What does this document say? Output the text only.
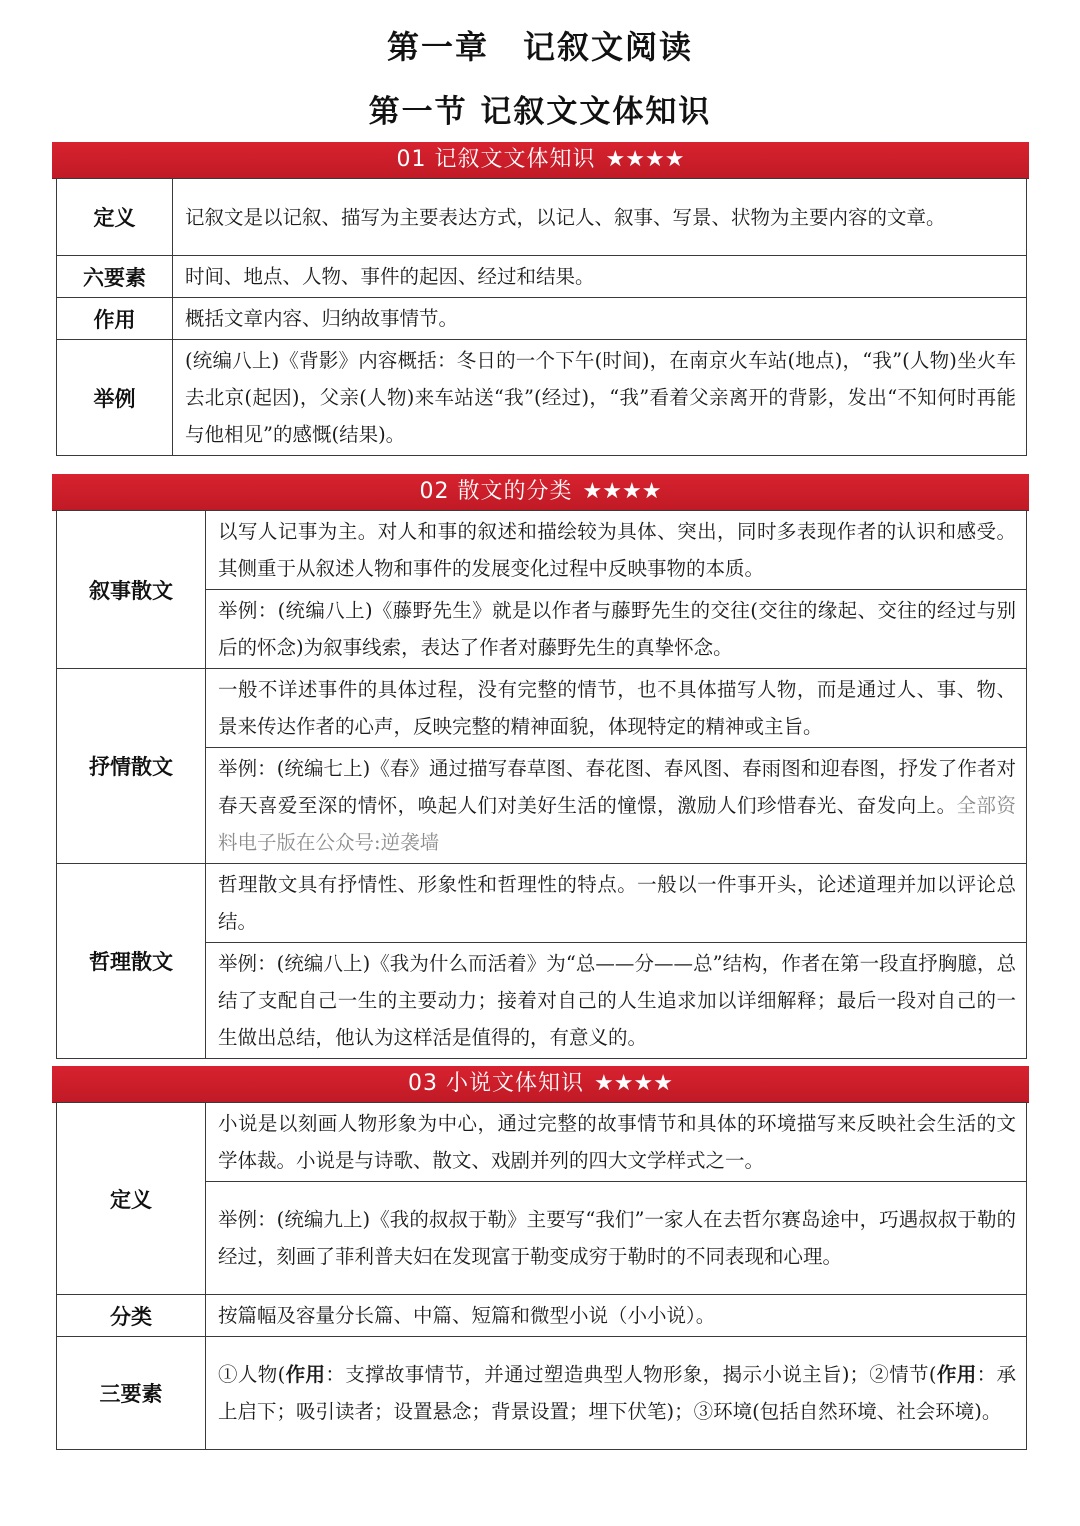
第一章　记叙文阅读
第一节 记叙文文体知识
01 记叙文文体知识 ★★★★
定义	记叙文是以记叙、描写为主要表达方式，以记人、叙事、写景、状物为主要内容的文章。
六要素	时间、地点、人物、事件的起因、经过和结果。
作用	概括文章内容、归纳故事情节。
举例	(统编八上)《背影》内容概括：冬日的一个下午(时间)，在南京火车站(地点)，“我”(人物)坐火车去北京(起因)，父亲(人物)来车站送“我”(经过)，“我”看着父亲离开的背影，发出“不知何时再能与他相见”的感慨(结果)。
02 散文的分类 ★★★★
叙事散文	以写人记事为主。对人和事的叙述和描绘较为具体、突出，同时多表现作者的认识和感受。其侧重于从叙述人物和事件的发展变化过程中反映事物的本质。
	举例：(统编八上)《藤野先生》就是以作者与藤野先生的交往(交往的缘起、交往的经过与别后的怀念)为叙事线索，表达了作者对藤野先生的真挚怀念。
抒情散文	一般不详述事件的具体过程，没有完整的情节，也不具体描写人物，而是通过人、事、物、景来传达作者的心声，反映完整的精神面貌，体现特定的精神或主旨。
	举例：(统编七上)《春》通过描写春草图、春花图、春风图、春雨图和迎春图，抒发了作者对春天喜爱至深的情怀，唤起人们对美好生活的憧憬，激励人们珍惜春光、奋发向上。全部资料电子版在公众号:逆袭墙
哲理散文	哲理散文具有抒情性、形象性和哲理性的特点。一般以一件事开头，论述道理并加以评论总结。
	举例：(统编八上)《我为什么而活着》为“总——分——总”结构，作者在第一段直抒胸臆，总结了支配自己一生的主要动力；接着对自己的人生追求加以详细解释；最后一段对自己的一生做出总结，他认为这样活是值得的，有意义的。
03 小说文体知识 ★★★★
定义	小说是以刻画人物形象为中心，通过完整的故事情节和具体的环境描写来反映社会生活的文学体裁。小说是与诗歌、散文、戏剧并列的四大文学样式之一。
	举例：(统编九上)《我的叔叔于勒》主要写“我们”一家人在去哲尔赛岛途中，巧遇叔叔于勒的经过，刻画了菲利普夫妇在发现富于勒变成穷于勒时的不同表现和心理。
分类	按篇幅及容量分长篇、中篇、短篇和微型小说（小小说）。
三要素	①人物(作用：支撑故事情节，并通过塑造典型人物形象，揭示小说主旨)；②情节(作用：承上启下；吸引读者；设置悬念；背景设置；埋下伏笔)；③环境(包括自然环境、社会环境)。
